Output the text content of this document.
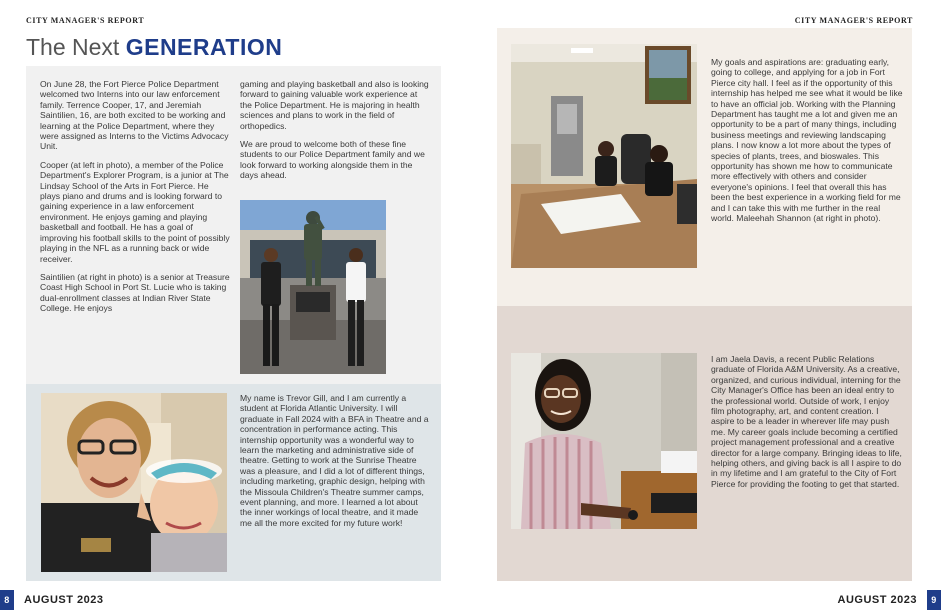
CITY MANAGER'S REPORT	CITY MANAGER'S REPORT
The Next GENERATION

On June 28, the Fort Pierce Police Department welcomed two Interns into our law enforcement family. Terrence Cooper, 17, and Jeremiah Saintilien, 16, are both excited to be working and learning at the Police Department, where they were assigned as Interns to the Victims Advocacy Unit.

Cooper (at left in photo), a member of the Police Department's Explorer Program, is a junior at The Lindsay School of the Arts in Fort Pierce. He plays piano and drums and is looking forward to gaining experience in a law enforcement environment. He enjoys gaming and playing basketball and football. He has a goal of improving his football skills to the point of possibly playing in the NFL as a running back or wide receiver.

Saintilien (at right in photo) is a senior at Treasure Coast High School in Port St. Lucie who is taking dual-enrollment classes at Indian River State College. He enjoys

gaming and playing basketball and also is looking forward to gaining valuable work experience at the Police Department. He is majoring in health sciences and plans to work in the field of orthopedics.

We are proud to welcome both of these fine students to our Police Department family and we look forward to working alongside them in the days ahead.

My name is Trevor Gill, and I am currently a student at Florida Atlantic University. I will graduate in Fall 2024 with a BFA in Theatre and a concentration in performance acting. This internship opportunity was a wonderful way to learn the marketing and administrative side of theatre. Getting to work at the Sunrise Theatre was a pleasure, and I did a lot of different things, including marketing, graphic design, helping with the Missoula Children's Theatre summer camps, event planning, and more. I learned a lot about the inner workings of local theatre, and it made me all the more excited for my future work!
My goals and aspirations are: graduating early, going to college, and applying for a job in Fort Pierce city hall. I feel as if the opportunity of this internship has helped me see what it would be like to have an official job. Working with the Planning Department has taught me a lot and given me an opportunity to be a part of many things, including business meetings and reviewing landscaping plans. I now know a lot more about the types of species of plants, trees, and bioswales. This opportunity has shown me how to communicate more effectively with others and consider everyone's opinions. I feel that overall this has been the best experience in a working field for me and I can take this with me further in the real world. Maleehah Shannon (at right in photo).
I am Jaela Davis, a recent Public Relations graduate of Florida A&M University. As a creative, organized, and curious individual, interning for the City Manager's Office has been an ideal entry to the professional world. Outside of work, I enjoy film photography, art, and content creation. I aspire to be a leader in wherever life may push me. My career goals include becoming a certified project management professional and a creative director for a large company. Bringing ideas to life, helping others, and giving back is all I aspire to do in my lifetime and I am grateful to the City of Fort Pierce for providing the footing to get that started.
8	AUGUST 2023	AUGUST 2023	9
